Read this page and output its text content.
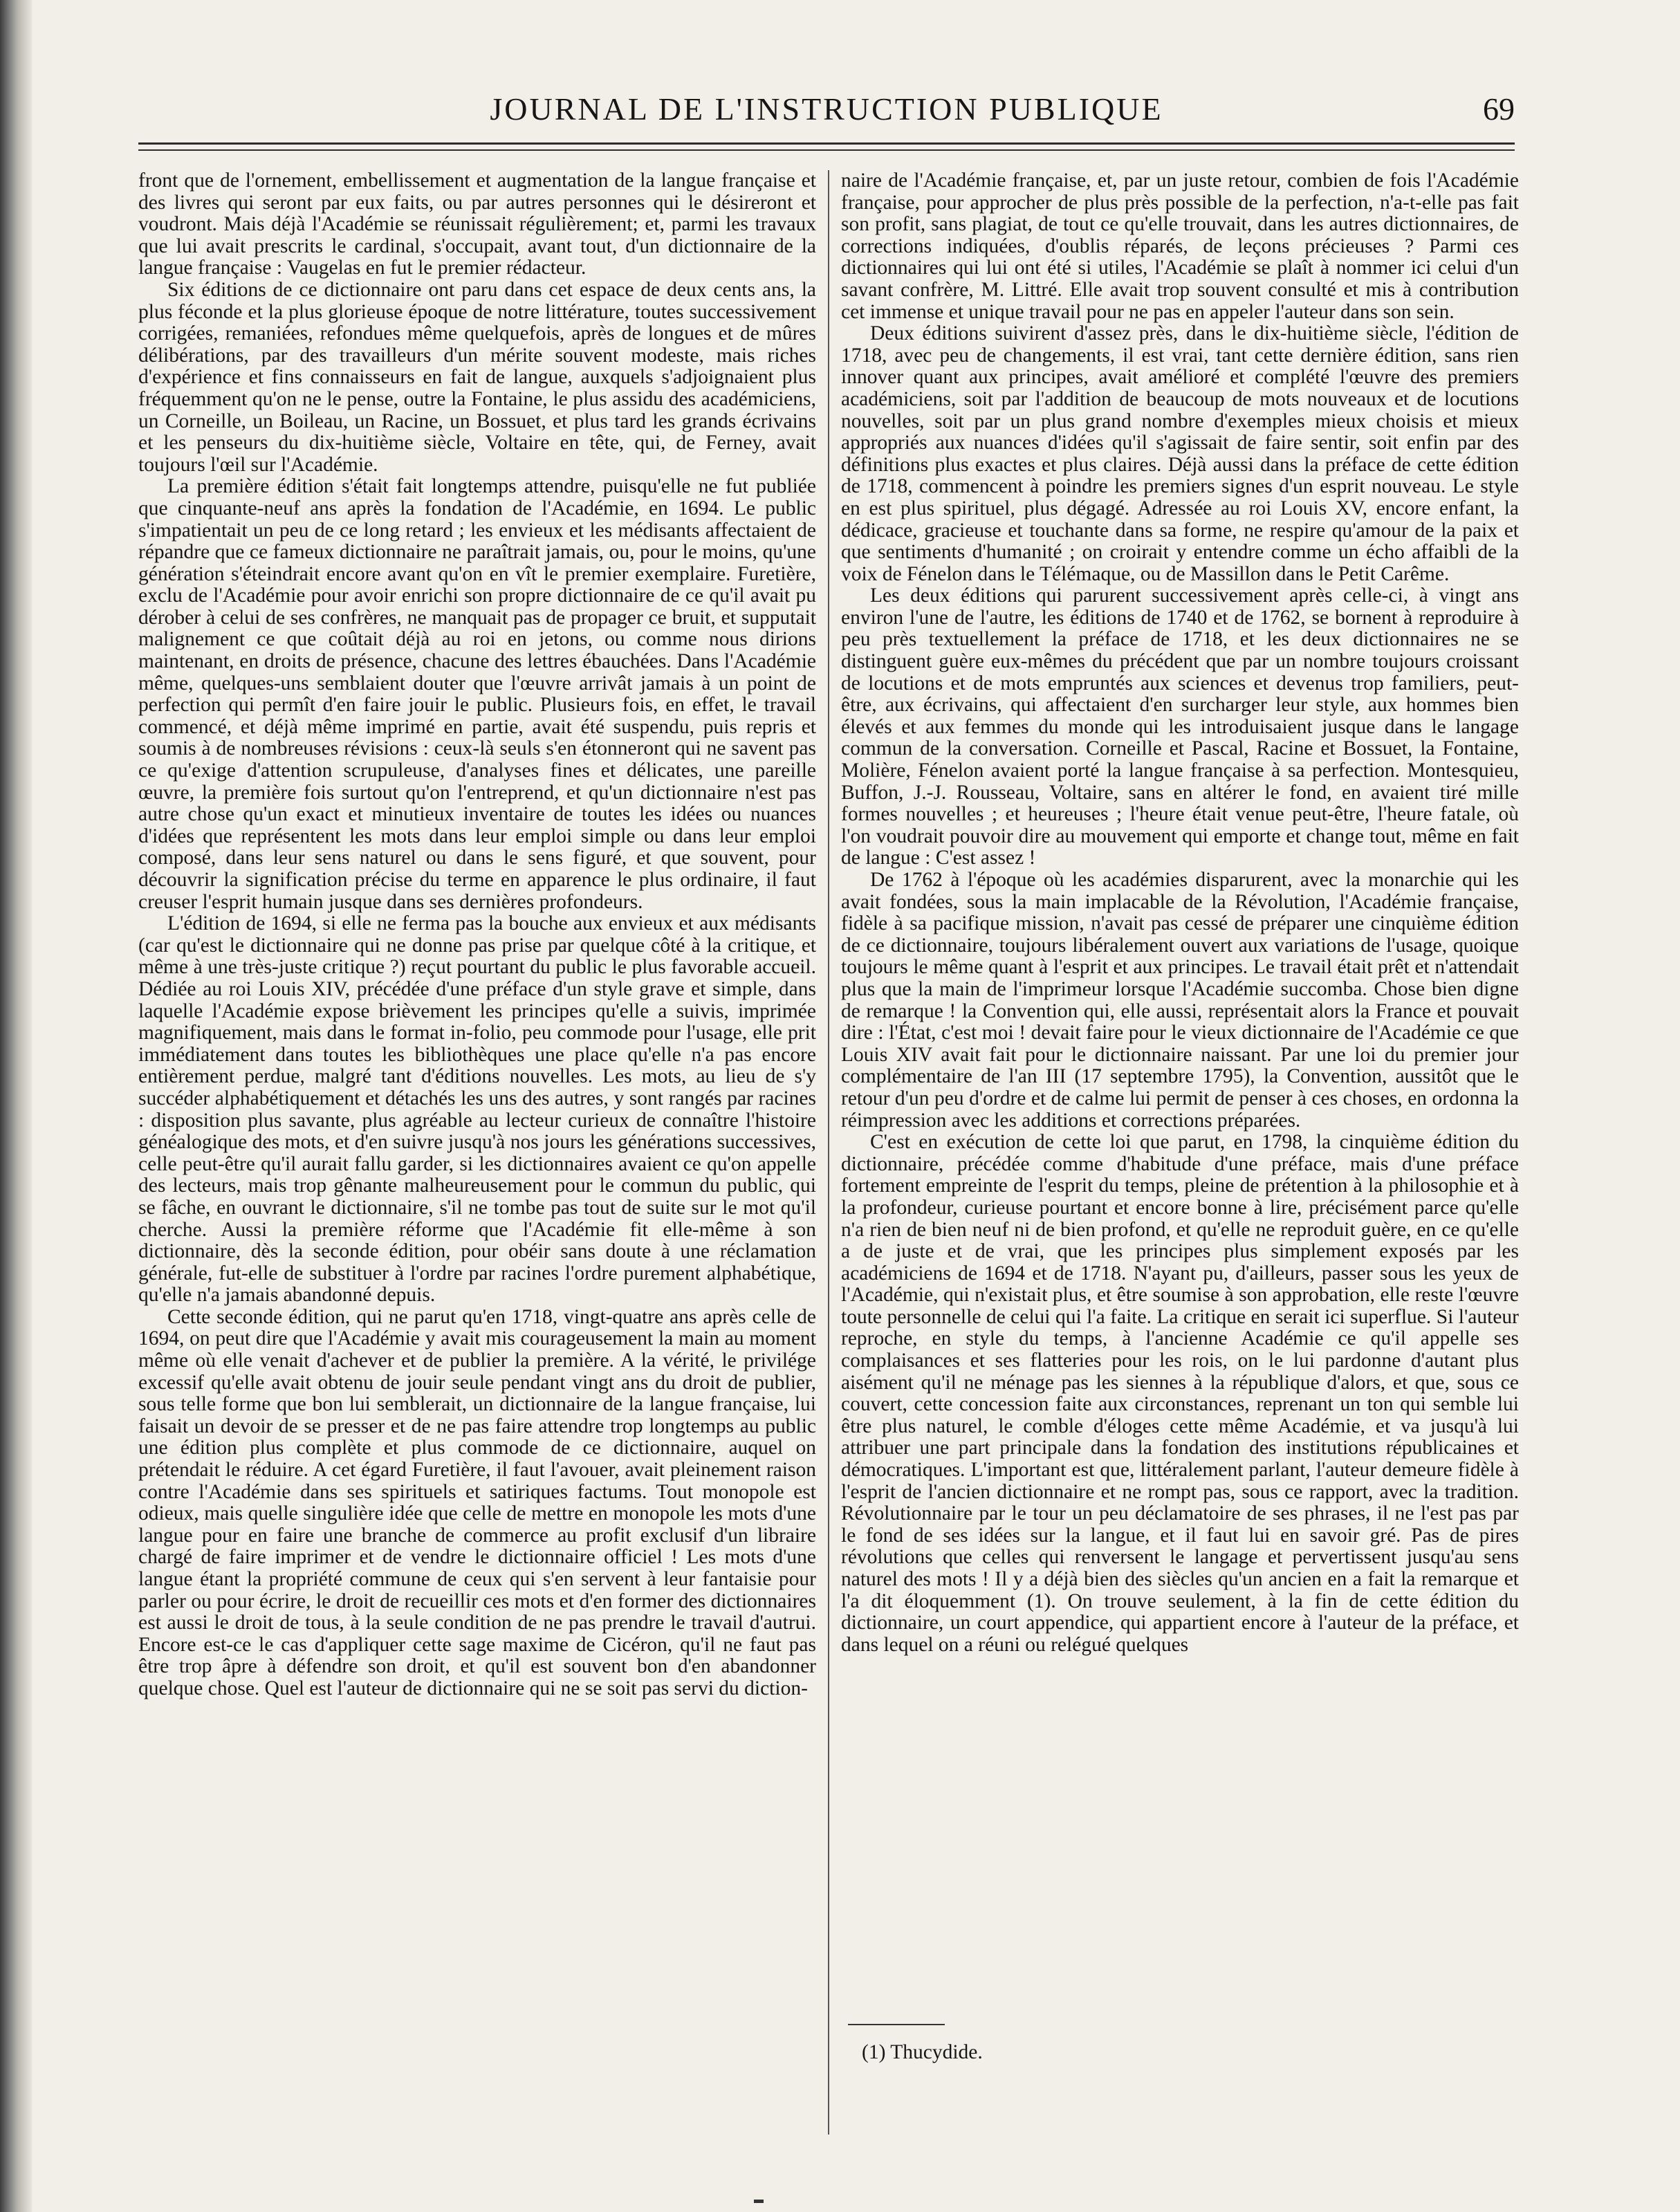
JOURNAL DE L'INSTRUCTION PUBLIQUE	69

front que de l'ornement, embellissement et augmentation de la langue française et des livres qui seront par eux faits, ou par autres personnes qui le désireront et voudront. Mais déjà l'Académie se réunissait régulièrement; et, parmi les travaux que lui avait prescrits le cardinal, s'occupait, avant tout, d'un dictionnaire de la langue française : Vaugelas en fut le premier rédacteur.

Six éditions de ce dictionnaire ont paru dans cet espace de deux cents ans, la plus féconde et la plus glorieuse époque de notre littérature, toutes successivement corrigées, remaniées, refondues même quelquefois, après de longues et de mûres délibérations, par des travailleurs d'un mérite souvent modeste, mais riches d'expérience et fins connaisseurs en fait de langue, auxquels s'adjoignaient plus fréquemment qu'on ne le pense, outre la Fontaine, le plus assidu des académiciens, un Corneille, un Boileau, un Racine, un Bossuet, et plus tard les grands écrivains et les penseurs du dix-huitième siècle, Voltaire en tête, qui, de Ferney, avait toujours l'œil sur l'Académie.

La première édition s'était fait longtemps attendre, puisqu'elle ne fut publiée que cinquante-neuf ans après la fondation de l'Académie, en 1694. Le public s'impatientait un peu de ce long retard ; les envieux et les médisants affectaient de répandre que ce fameux dictionnaire ne paraîtrait jamais, ou, pour le moins, qu'une génération s'éteindrait encore avant qu'on en vît le premier exemplaire. Furetière, exclu de l'Académie pour avoir enrichi son propre dictionnaire de ce qu'il avait pu dérober à celui de ses confrères, ne manquait pas de propager ce bruit, et supputait malignement ce que coûtait déjà au roi en jetons, ou comme nous dirions maintenant, en droits de présence, chacune des lettres ébauchées. Dans l'Académie même, quelques-uns semblaient douter que l'œuvre arrivât jamais à un point de perfection qui permît d'en faire jouir le public. Plusieurs fois, en effet, le travail commencé, et déjà même imprimé en partie, avait été suspendu, puis repris et soumis à de nombreuses révisions : ceux-là seuls s'en étonneront qui ne savent pas ce qu'exige d'attention scrupuleuse, d'analyses fines et délicates, une pareille œuvre, la première fois surtout qu'on l'entreprend, et qu'un dictionnaire n'est pas autre chose qu'un exact et minutieux inventaire de toutes les idées ou nuances d'idées que représentent les mots dans leur emploi simple ou dans leur emploi composé, dans leur sens naturel ou dans le sens figuré, et que souvent, pour découvrir la signification précise du terme en apparence le plus ordinaire, il faut creuser l'esprit humain jusque dans ses dernières profondeurs.

L'édition de 1694, si elle ne ferma pas la bouche aux envieux et aux médisants (car qu'est le dictionnaire qui ne donne pas prise par quelque côté à la critique, et même à une très-juste critique ?) reçut pourtant du public le plus favorable accueil. Dédiée au roi Louis XIV, précédée d'une préface d'un style grave et simple, dans laquelle l'Académie expose brièvement les principes qu'elle a suivis, imprimée magnifiquement, mais dans le format in-folio, peu commode pour l'usage, elle prit immédiatement dans toutes les bibliothèques une place qu'elle n'a pas encore entièrement perdue, malgré tant d'éditions nouvelles. Les mots, au lieu de s'y succéder alphabétiquement et détachés les uns des autres, y sont rangés par racines : disposition plus savante, plus agréable au lecteur curieux de connaître l'histoire généalogique des mots, et d'en suivre jusqu'à nos jours les générations successives, celle peut-être qu'il aurait fallu garder, si les dictionnaires avaient ce qu'on appelle des lecteurs, mais trop gênante malheureusement pour le commun du public, qui se fâche, en ouvrant le dictionnaire, s'il ne tombe pas tout de suite sur le mot qu'il cherche. Aussi la première réforme que l'Académie fit elle-même à son dictionnaire, dès la seconde édition, pour obéir sans doute à une réclamation générale, fut-elle de substituer à l'ordre par racines l'ordre purement alphabétique, qu'elle n'a jamais abandonné depuis.

Cette seconde édition, qui ne parut qu'en 1718, vingt-quatre ans après celle de 1694, on peut dire que l'Académie y avait mis courageusement la main au moment même où elle venait d'achever et de publier la première. A la vérité, le privilége excessif qu'elle avait obtenu de jouir seule pendant vingt ans du droit de publier, sous telle forme que bon lui semblerait, un dictionnaire de la langue française, lui faisait un devoir de se presser et de ne pas faire attendre trop longtemps au public une édition plus complète et plus commode de ce dictionnaire, auquel on prétendait le réduire. A cet égard Furetière, il faut l'avouer, avait pleinement raison contre l'Académie dans ses spirituels et satiriques factums. Tout monopole est odieux, mais quelle singulière idée que celle de mettre en monopole les mots d'une langue pour en faire une branche de commerce au profit exclusif d'un libraire chargé de faire imprimer et de vendre le dictionnaire officiel ! Les mots d'une langue étant la propriété commune de ceux qui s'en servent à leur fantaisie pour parler ou pour écrire, le droit de recueillir ces mots et d'en former des dictionnaires est aussi le droit de tous, à la seule condition de ne pas prendre le travail d'autrui. Encore est-ce le cas d'appliquer cette sage maxime de Cicéron, qu'il ne faut pas être trop âpre à défendre son droit, et qu'il est souvent bon d'en abandonner quelque chose. Quel est l'auteur de dictionnaire qui ne se soit pas servi du diction-

naire de l'Académie française, et, par un juste retour, combien de fois l'Académie française, pour approcher de plus près possible de la perfection, n'a-t-elle pas fait son profit, sans plagiat, de tout ce qu'elle trouvait, dans les autres dictionnaires, de corrections indiquées, d'oublis réparés, de leçons précieuses ? Parmi ces dictionnaires qui lui ont été si utiles, l'Académie se plaît à nommer ici celui d'un savant confrère, M. Littré. Elle avait trop souvent consulté et mis à contribution cet immense et unique travail pour ne pas en appeler l'auteur dans son sein.

Deux éditions suivirent d'assez près, dans le dix-huitième siècle, l'édition de 1718, avec peu de changements, il est vrai, tant cette dernière édition, sans rien innover quant aux principes, avait amélioré et complété l'œuvre des premiers académiciens, soit par l'addition de beaucoup de mots nouveaux et de locutions nouvelles, soit par un plus grand nombre d'exemples mieux choisis et mieux appropriés aux nuances d'idées qu'il s'agissait de faire sentir, soit enfin par des définitions plus exactes et plus claires. Déjà aussi dans la préface de cette édition de 1718, commencent à poindre les premiers signes d'un esprit nouveau. Le style en est plus spirituel, plus dégagé. Adressée au roi Louis XV, encore enfant, la dédicace, gracieuse et touchante dans sa forme, ne respire qu'amour de la paix et que sentiments d'humanité ; on croirait y entendre comme un écho affaibli de la voix de Fénelon dans le Télémaque, ou de Massillon dans le Petit Carême.

Les deux éditions qui parurent successivement après celle-ci, à vingt ans environ l'une de l'autre, les éditions de 1740 et de 1762, se bornent à reproduire à peu près textuellement la préface de 1718, et les deux dictionnaires ne se distinguent guère eux-mêmes du précédent que par un nombre toujours croissant de locutions et de mots empruntés aux sciences et devenus trop familiers, peut-être, aux écrivains, qui affectaient d'en surcharger leur style, aux hommes bien élevés et aux femmes du monde qui les introduisaient jusque dans le langage commun de la conversation. Corneille et Pascal, Racine et Bossuet, la Fontaine, Molière, Fénelon avaient porté la langue française à sa perfection. Montesquieu, Buffon, J.-J. Rousseau, Voltaire, sans en altérer le fond, en avaient tiré mille formes nouvelles ; et heureuses ; l'heure était venue peut-être, l'heure fatale, où l'on voudrait pouvoir dire au mouvement qui emporte et change tout, même en fait de langue : C'est assez !

De 1762 à l'époque où les académies disparurent, avec la monarchie qui les avait fondées, sous la main implacable de la Révolution, l'Académie française, fidèle à sa pacifique mission, n'avait pas cessé de préparer une cinquième édition de ce dictionnaire, toujours libéralement ouvert aux variations de l'usage, quoique toujours le même quant à l'esprit et aux principes. Le travail était prêt et n'attendait plus que la main de l'imprimeur lorsque l'Académie succomba. Chose bien digne de remarque ! la Convention qui, elle aussi, représentait alors la France et pouvait dire : l'État, c'est moi ! devait faire pour le vieux dictionnaire de l'Académie ce que Louis XIV avait fait pour le dictionnaire naissant. Par une loi du premier jour complémentaire de l'an III (17 septembre 1795), la Convention, aussitôt que le retour d'un peu d'ordre et de calme lui permit de penser à ces choses, en ordonna la réimpression avec les additions et corrections préparées.

C'est en exécution de cette loi que parut, en 1798, la cinquième édition du dictionnaire, précédée comme d'habitude d'une préface, mais d'une préface fortement empreinte de l'esprit du temps, pleine de prétention à la philosophie et à la profondeur, curieuse pourtant et encore bonne à lire, précisément parce qu'elle n'a rien de bien neuf ni de bien profond, et qu'elle ne reproduit guère, en ce qu'elle a de juste et de vrai, que les principes plus simplement exposés par les académiciens de 1694 et de 1718. N'ayant pu, d'ailleurs, passer sous les yeux de l'Académie, qui n'existait plus, et être soumise à son approbation, elle reste l'œuvre toute personnelle de celui qui l'a faite. La critique en serait ici superflue. Si l'auteur reproche, en style du temps, à l'ancienne Académie ce qu'il appelle ses complaisances et ses flatteries pour les rois, on le lui pardonne d'autant plus aisément qu'il ne ménage pas les siennes à la république d'alors, et que, sous ce couvert, cette concession faite aux circonstances, reprenant un ton qui semble lui être plus naturel, le comble d'éloges cette même Académie, et va jusqu'à lui attribuer une part principale dans la fondation des institutions républicaines et démocratiques. L'important est que, littéralement parlant, l'auteur demeure fidèle à l'esprit de l'ancien dictionnaire et ne rompt pas, sous ce rapport, avec la tradition. Révolutionnaire par le tour un peu déclamatoire de ses phrases, il ne l'est pas par le fond de ses idées sur la langue, et il faut lui en savoir gré. Pas de pires révolutions que celles qui renversent le langage et pervertissent jusqu'au sens naturel des mots ! Il y a déjà bien des siècles qu'un ancien en a fait la remarque et l'a dit éloquemment (1). On trouve seulement, à la fin de cette édition du dictionnaire, un court appendice, qui appartient encore à l'auteur de la préface, et dans lequel on a réuni ou relégué quelques

(1) Thucydide.
